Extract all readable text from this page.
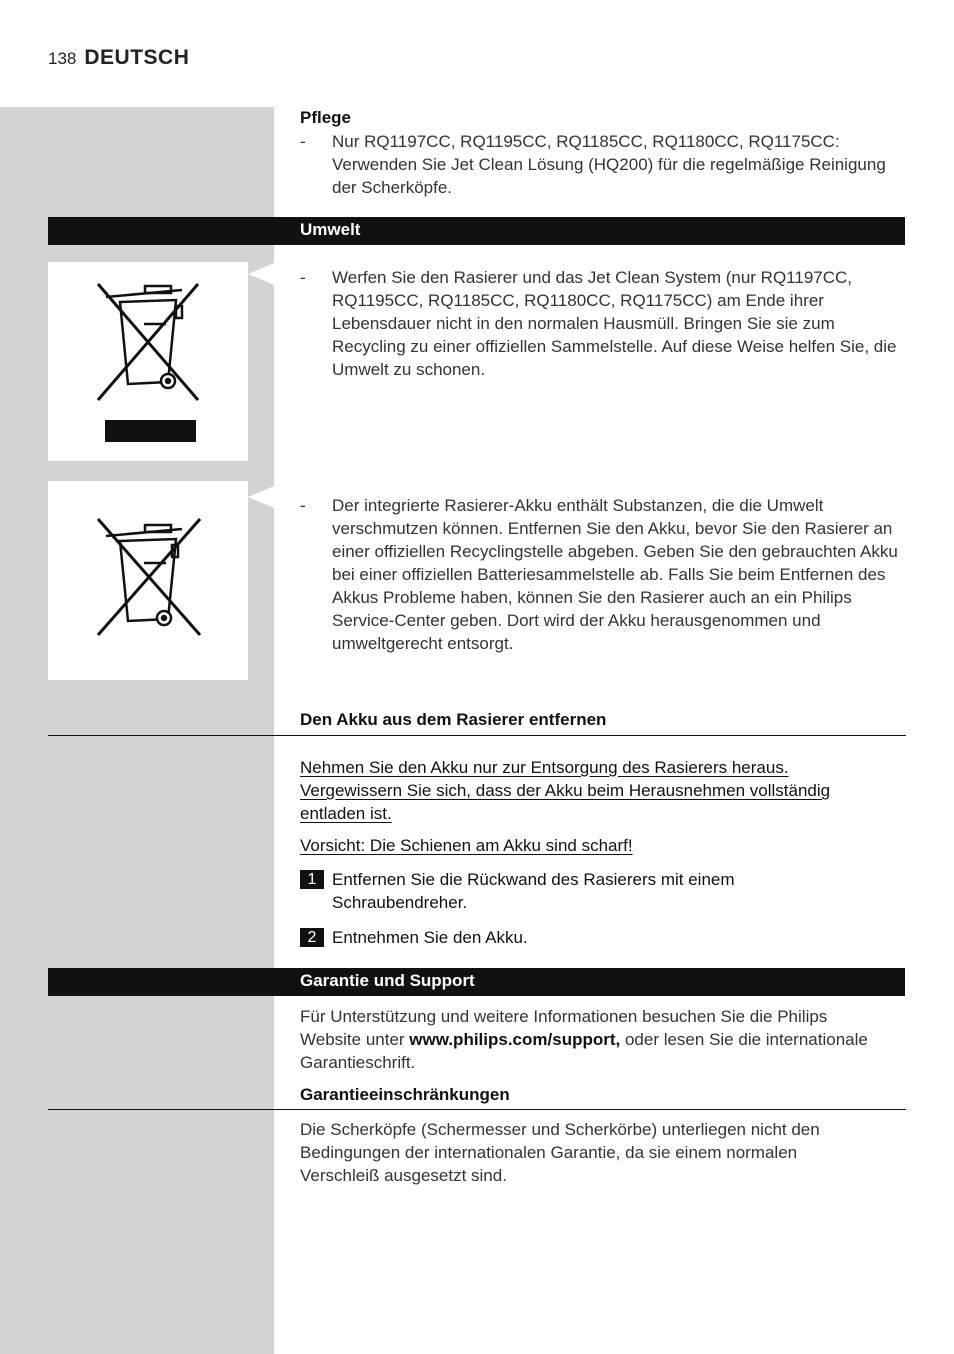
138 DEUTSCH
Pflege
-	Nur RQ1197CC, RQ1195CC, RQ1185CC, RQ1180CC, RQ1175CC: Verwenden Sie Jet Clean Lösung (HQ200) für die regelmäßige Reinigung der Scherköpfe.
Umwelt
-	Werfen Sie den Rasierer und das Jet Clean System (nur RQ1197CC, RQ1195CC, RQ1185CC, RQ1180CC, RQ1175CC) am Ende ihrer Lebensdauer nicht in den normalen Hausmüll. Bringen Sie sie zum Recycling zu einer offiziellen Sammelstelle. Auf diese Weise helfen Sie, die Umwelt zu schonen.
-	Der integrierte Rasierer-Akku enthält Substanzen, die die Umwelt verschmutzen können. Entfernen Sie den Akku, bevor Sie den Rasierer an einer offiziellen Recyclingstelle abgeben. Geben Sie den gebrauchten Akku bei einer offiziellen Batteriesammelstelle ab. Falls Sie beim Entfernen des Akkus Probleme haben, können Sie den Rasierer auch an ein Philips Service-Center geben. Dort wird der Akku herausgenommen und umweltgerecht entsorgt.
Den Akku aus dem Rasierer entfernen
Nehmen Sie den Akku nur zur Entsorgung des Rasierers heraus. Vergewissern Sie sich, dass der Akku beim Herausnehmen vollständig entladen ist.
Vorsicht: Die Schienen am Akku sind scharf!
1 Entfernen Sie die Rückwand des Rasierers mit einem Schraubendreher.
2 Entnehmen Sie den Akku.
Garantie und Support
Für Unterstützung und weitere Informationen besuchen Sie die Philips Website unter www.philips.com/support, oder lesen Sie die internationale Garantieschrift.
Garantieeinschränkungen
Die Scherköpfe (Schermesser und Scherkörbe) unterliegen nicht den Bedingungen der internationalen Garantie, da sie einem normalen Verschleiß ausgesetzt sind.
